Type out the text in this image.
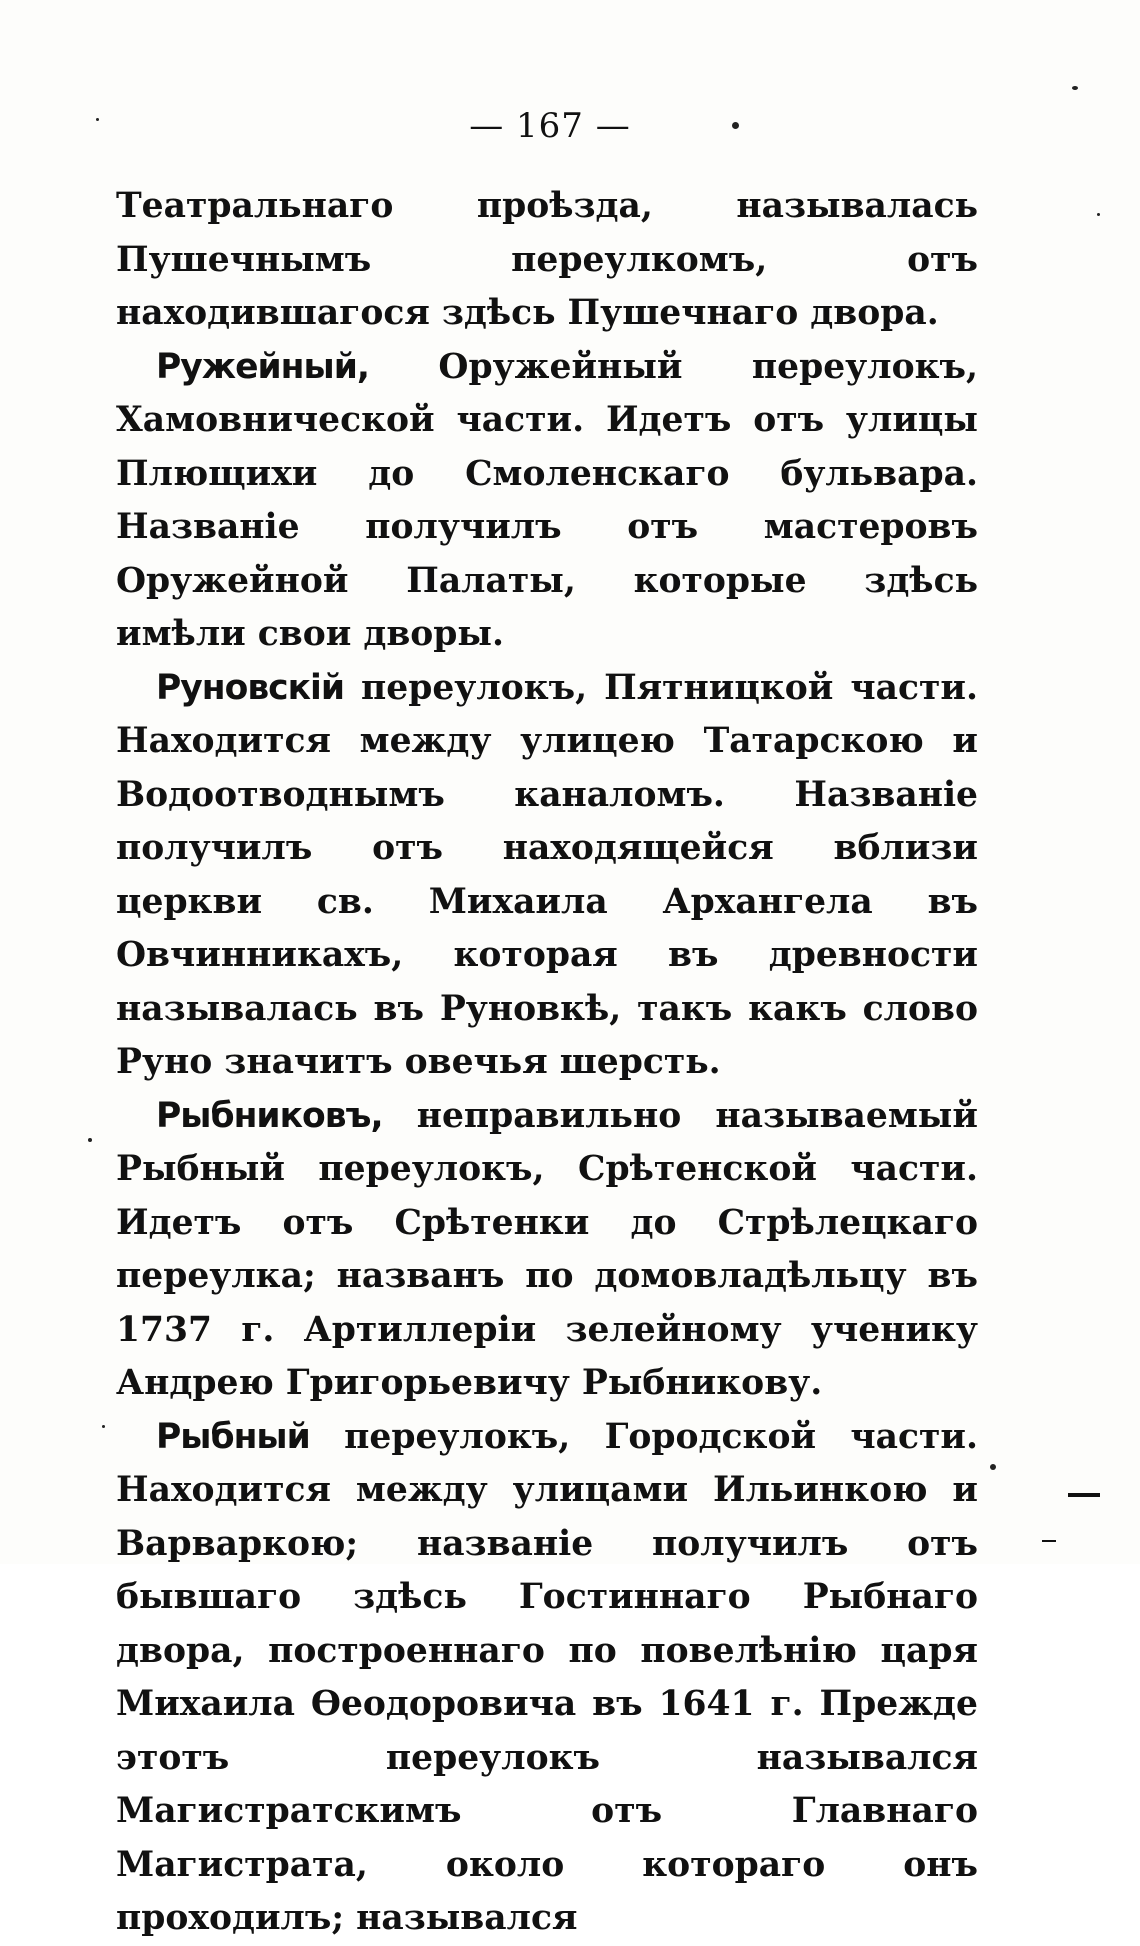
— 167 —

Театральнаго проѣзда, называлась Пушечнымъ переулкомъ, отъ находившагося здѣсь Пушечнаго двора.

Ружейный, Оружейный переулокъ, Хамовнической части. Идетъ отъ улицы Плющихи до Смоленскаго бульвара. Названіе получилъ отъ мастеровъ Оружейной Палаты, которые здѣсь имѣли свои дворы.

Руновскій переулокъ, Пятницкой части. Находится между улицею Татарскою и Водоотводнымъ каналомъ. Названіе получилъ отъ находящейся вблизи церкви св. Михаила Архангела въ Овчинникахъ, которая въ древности называлась въ Руновкѣ, такъ какъ слово Руно значитъ овечья шерсть.

Рыбниковъ, неправильно называемый Рыбный переулокъ, Срѣтенской части. Идетъ отъ Срѣтенки до Стрѣлецкаго переулка; названъ по домовладѣльцу въ 1737 г. Артиллеріи зелейному ученику Андрею Григорьевичу Рыбникову.

Рыбный переулокъ, Городской части. Находится между улицами Ильинкою и Варваркою; названіе получилъ отъ бывшаго здѣсь Гостиннаго Рыбнаго двора, построеннаго по повелѣнію царя Михаила Өеодоровича въ 1641 г. Прежде этотъ переулокъ назывался Магистратскимъ отъ Главнаго Магистрата, около котораго онъ проходилъ; назывался
